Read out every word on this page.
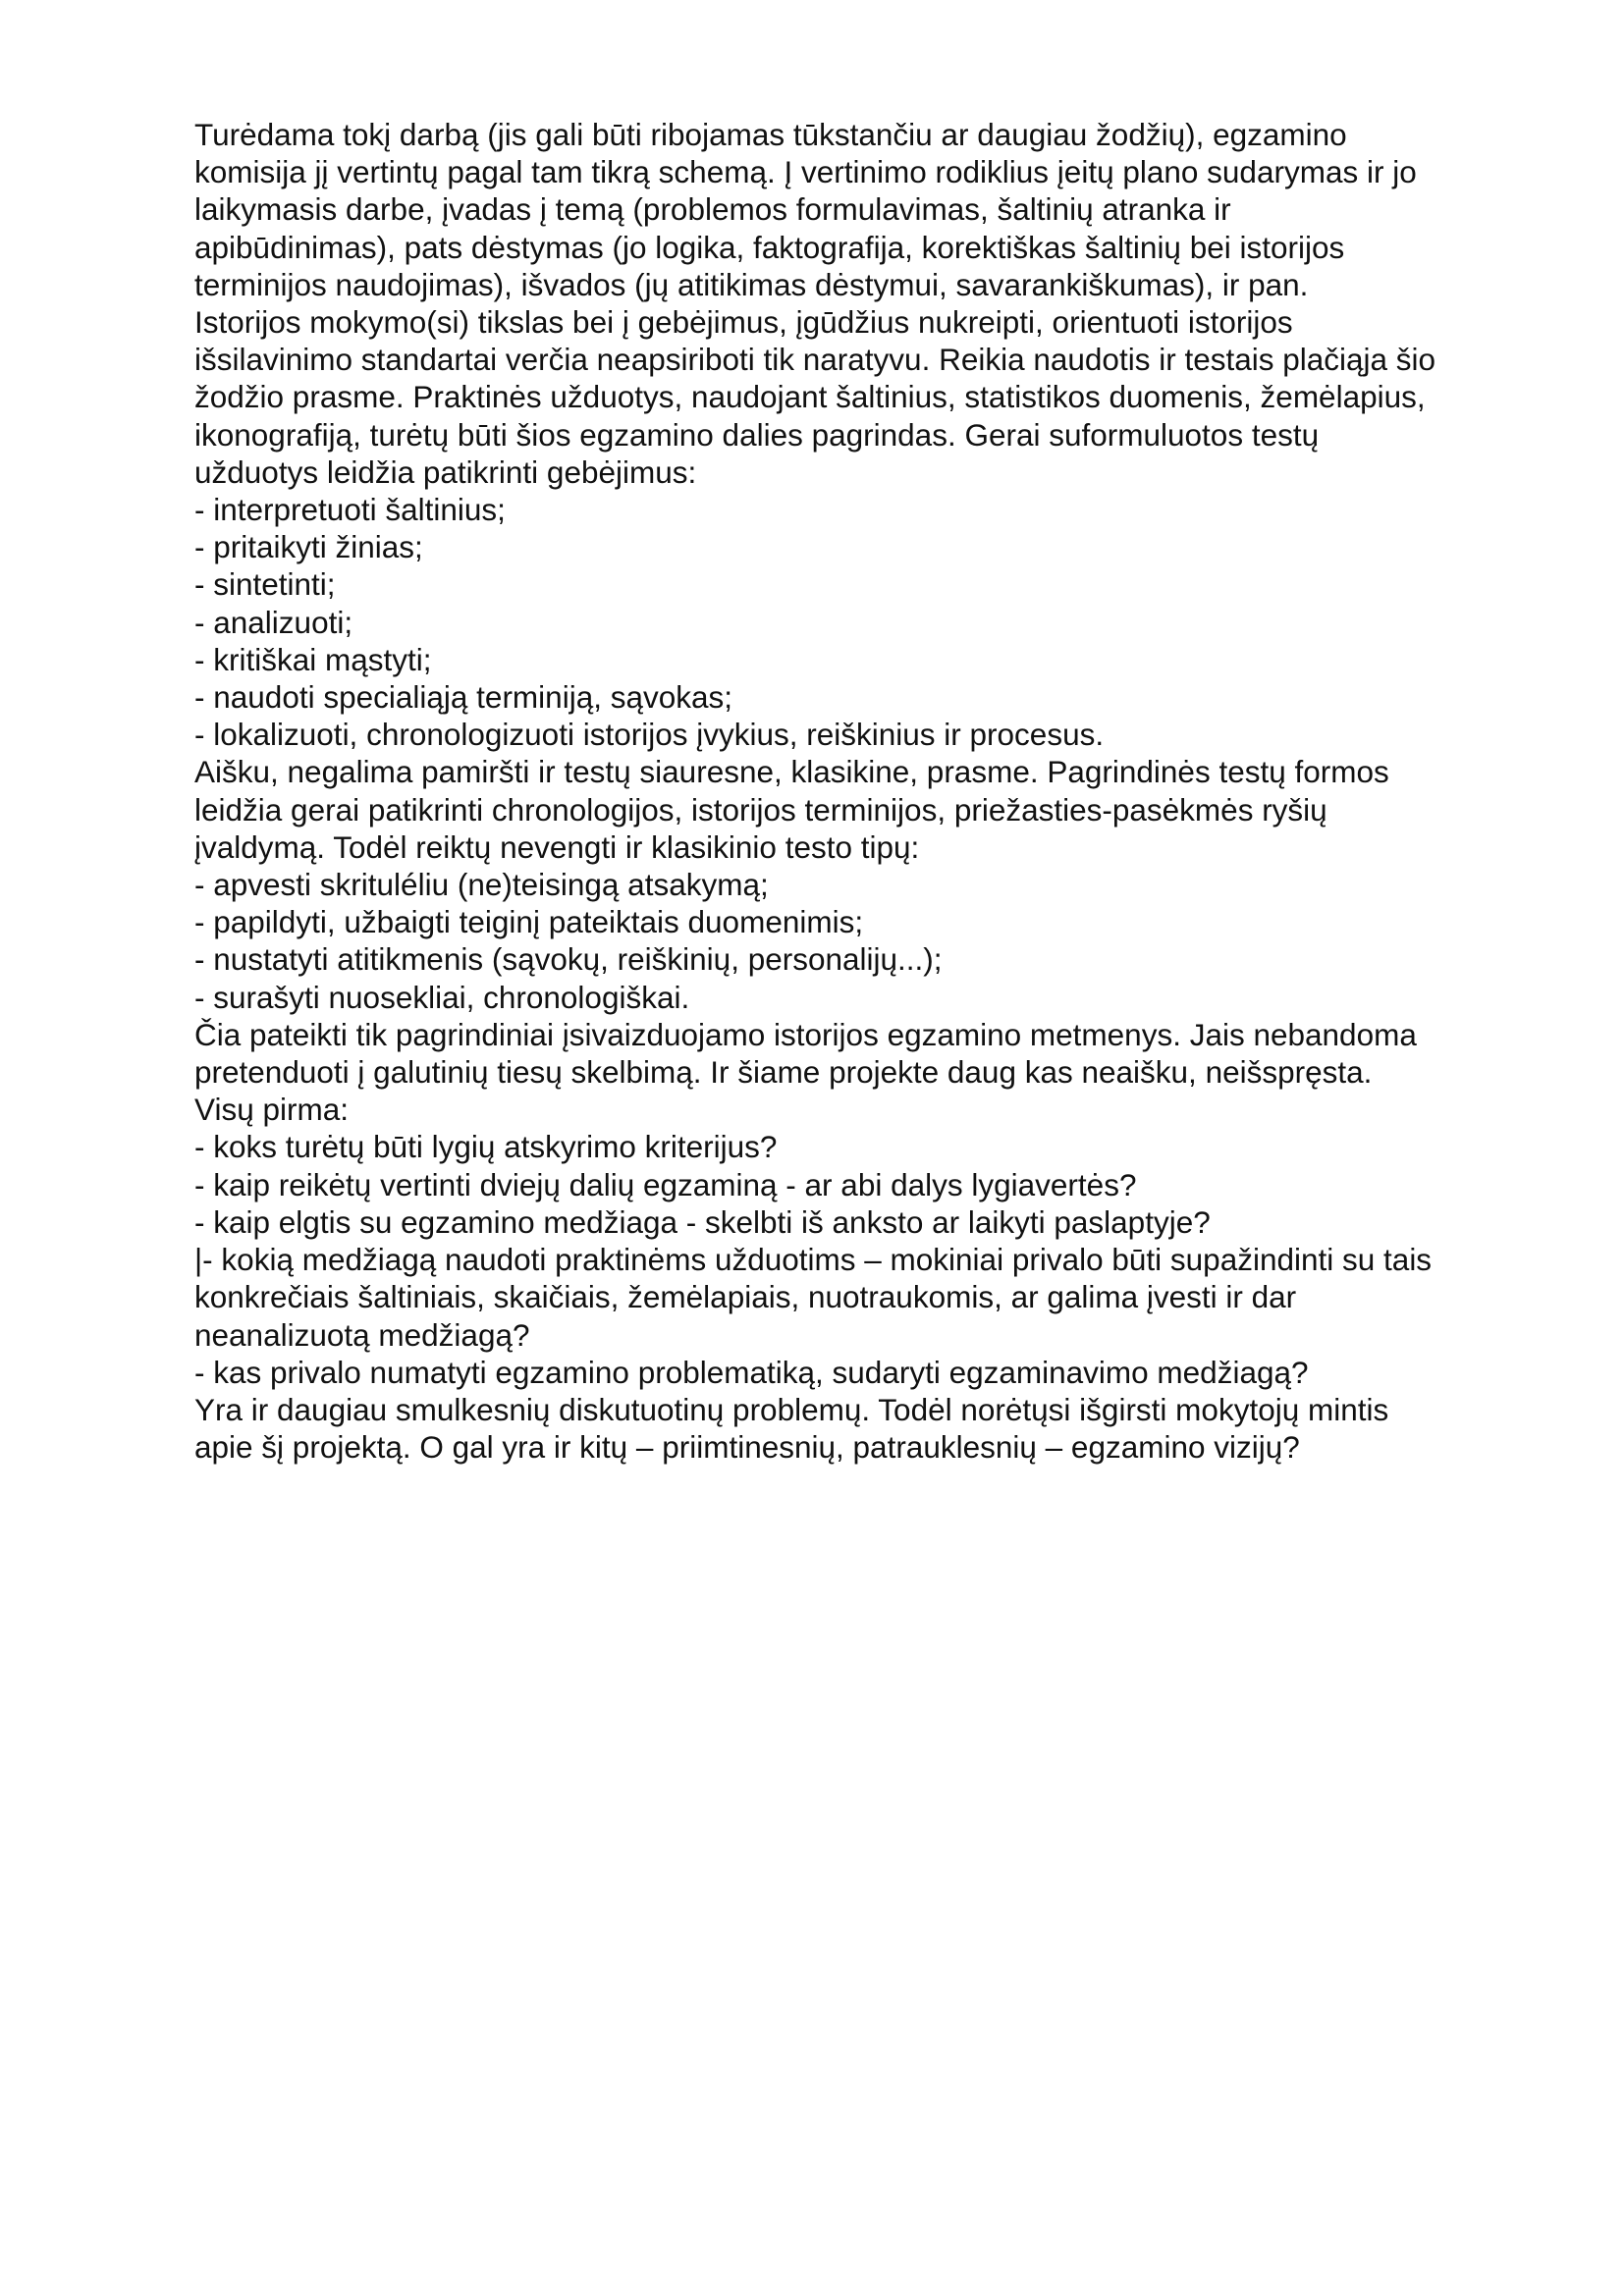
Turėdama tokį darbą (jis gali būti ribojamas tūkstančiu ar daugiau žodžių), egzamino
komisija jį vertintų pagal tam tikrą schemą. Į vertinimo rodiklius įeitų plano sudarymas ir jo
laikymasis darbe, įvadas į temą (problemos formulavimas, šaltinių atranka ir
apibūdinimas), pats dėstymas (jo logika, faktografija, korektiškas šaltinių bei istorijos
terminijos naudojimas), išvados (jų atitikimas dėstymui, savarankiškumas), ir pan.
Istorijos mokymo(si) tikslas bei į gebėjimus, įgūdžius nukreipti, orientuoti istorijos
išsilavinimo standartai verčia neapsiriboti tik naratyvu. Reikia naudotis ir testais plačiąja šio
žodžio prasme. Praktinės užduotys, naudojant šaltinius, statistikos duomenis, žemėlapius,
ikonografiją, turėtų būti šios egzamino dalies pagrindas. Gerai suformuluotos testų
užduotys leidžia patikrinti gebėjimus:
- interpretuoti šaltinius;
- pritaikyti žinias;
- sintetinti;
- analizuoti;
- kritiškai mąstyti;
- naudoti specialiąją terminiją, sąvokas;
- lokalizuoti, chronologizuoti istorijos įvykius, reiškinius ir procesus.
Aišku, negalima pamiršti ir testų siauresne, klasikine, prasme. Pagrindinės testų formos
leidžia gerai patikrinti chronologijos, istorijos terminijos, priežasties-pasėkmės ryšių
įvaldymą. Todėl reiktų nevengti ir klasikinio testo tipų:
- apvesti skrituléliu (ne)teisingą atsakymą;
- papildyti, užbaigti teiginį pateiktais duomenimis;
- nustatyti atitikmenis (sąvokų, reiškinių, personalijų...);
- surašyti nuosekliai, chronologiškai.
Čia pateikti tik pagrindiniai įsivaizduojamo istorijos egzamino metmenys. Jais nebandoma
pretenduoti į galutinių tiesų skelbimą. Ir šiame projekte daug kas neaišku, neišspręsta.
Visų pirma:
- koks turėtų būti lygių atskyrimo kriterijus?
- kaip reikėtų vertinti dviejų dalių egzaminą - ar abi dalys lygiavertės?
- kaip elgtis su egzamino medžiaga - skelbti iš anksto ar laikyti paslaptyje?
|- kokią medžiagą naudoti praktinėms užduotims – mokiniai privalo būti supažindinti su tais
konkrečiais šaltiniais, skaičiais, žemėlapiais, nuotraukomis, ar galima įvesti ir dar
neanalizuotą medžiagą?
- kas privalo numatyti egzamino problematiką, sudaryti egzaminavimo medžiagą?
Yra ir daugiau smulkesnių diskutuotinų problemų. Todėl norėtųsi išgirsti mokytojų mintis
apie šį projektą. O gal yra ir kitų – priimtinesnių, patrauklesnių – egzamino vizijų?
